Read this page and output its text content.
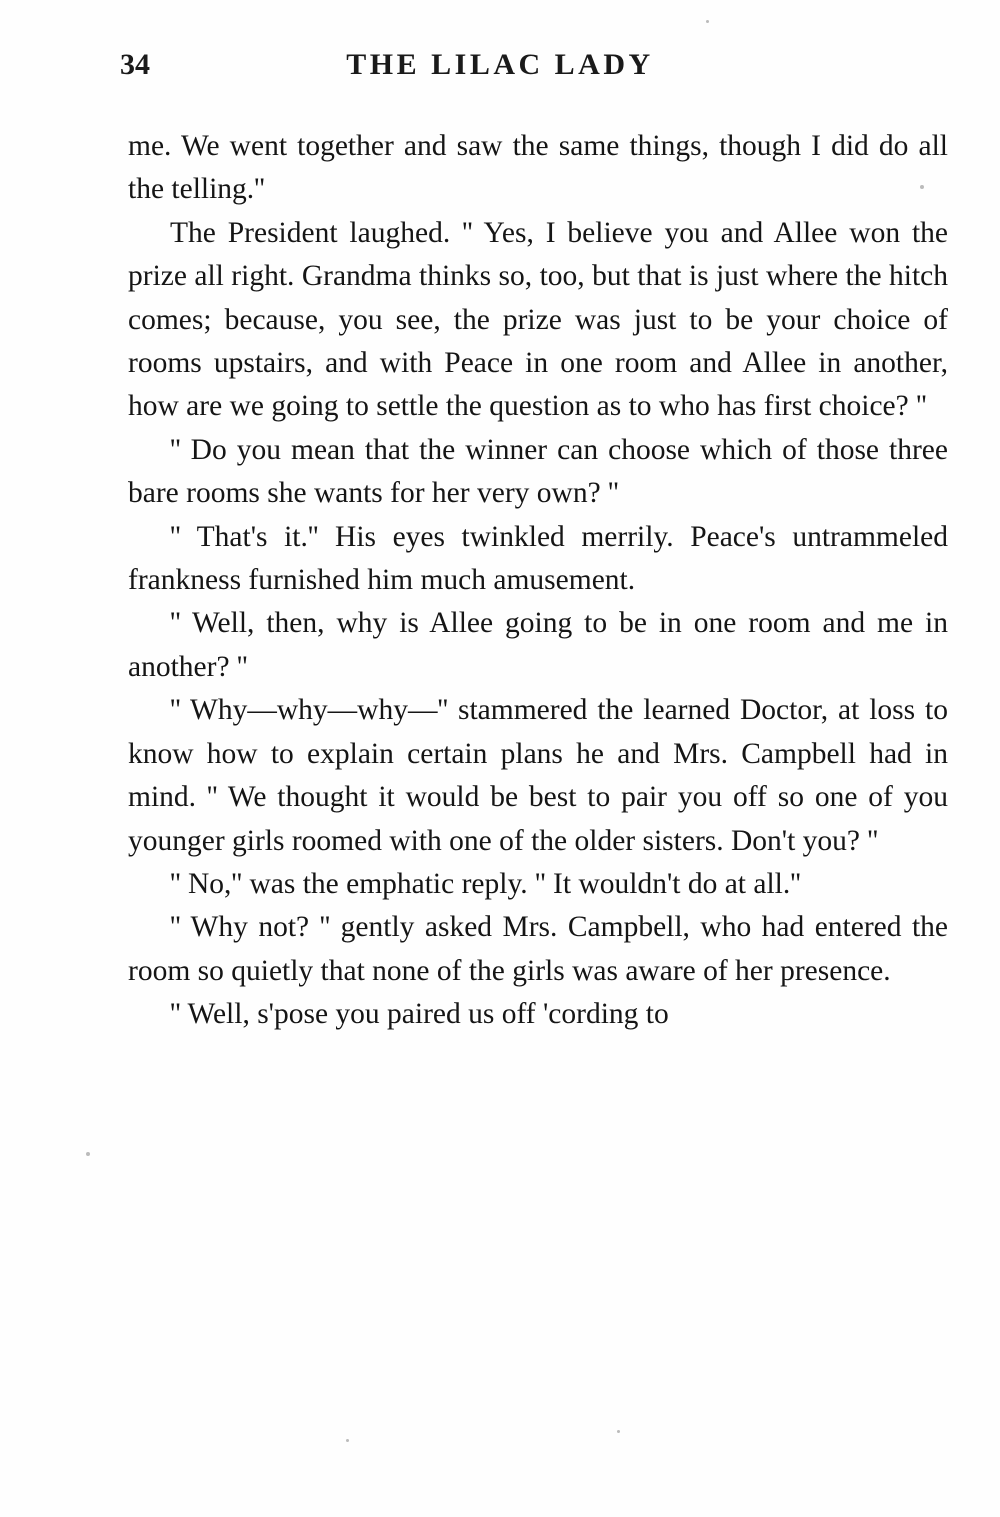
34	THE LILAC LADY

me. We went together and saw the same things, though I did do all the telling.''

The President laughed. '' Yes, I believe you and Allee won the prize all right. Grandma thinks so, too, but that is just where the hitch comes; because, you see, the prize was just to be your choice of rooms upstairs, and with Peace in one room and Allee in another, how are we going to settle the question as to who has first choice? ''

'' Do you mean that the winner can choose which of those three bare rooms she wants for her very own? ''

'' That's it.'' His eyes twinkled merrily. Peace's untrammeled frankness furnished him much amusement.

'' Well, then, why is Allee going to be in one room and me in another? ''

'' Why—why—why—'' stammered the learned Doctor, at loss to know how to explain certain plans he and Mrs. Campbell had in mind. '' We thought it would be best to pair you off so one of you younger girls roomed with one of the older sisters. Don't you? ''

'' No,'' was the emphatic reply. '' It wouldn't do at all.''

'' Why not? '' gently asked Mrs. Campbell, who had entered the room so quietly that none of the girls was aware of her presence.

'' Well, s'pose you paired us off 'cording to
